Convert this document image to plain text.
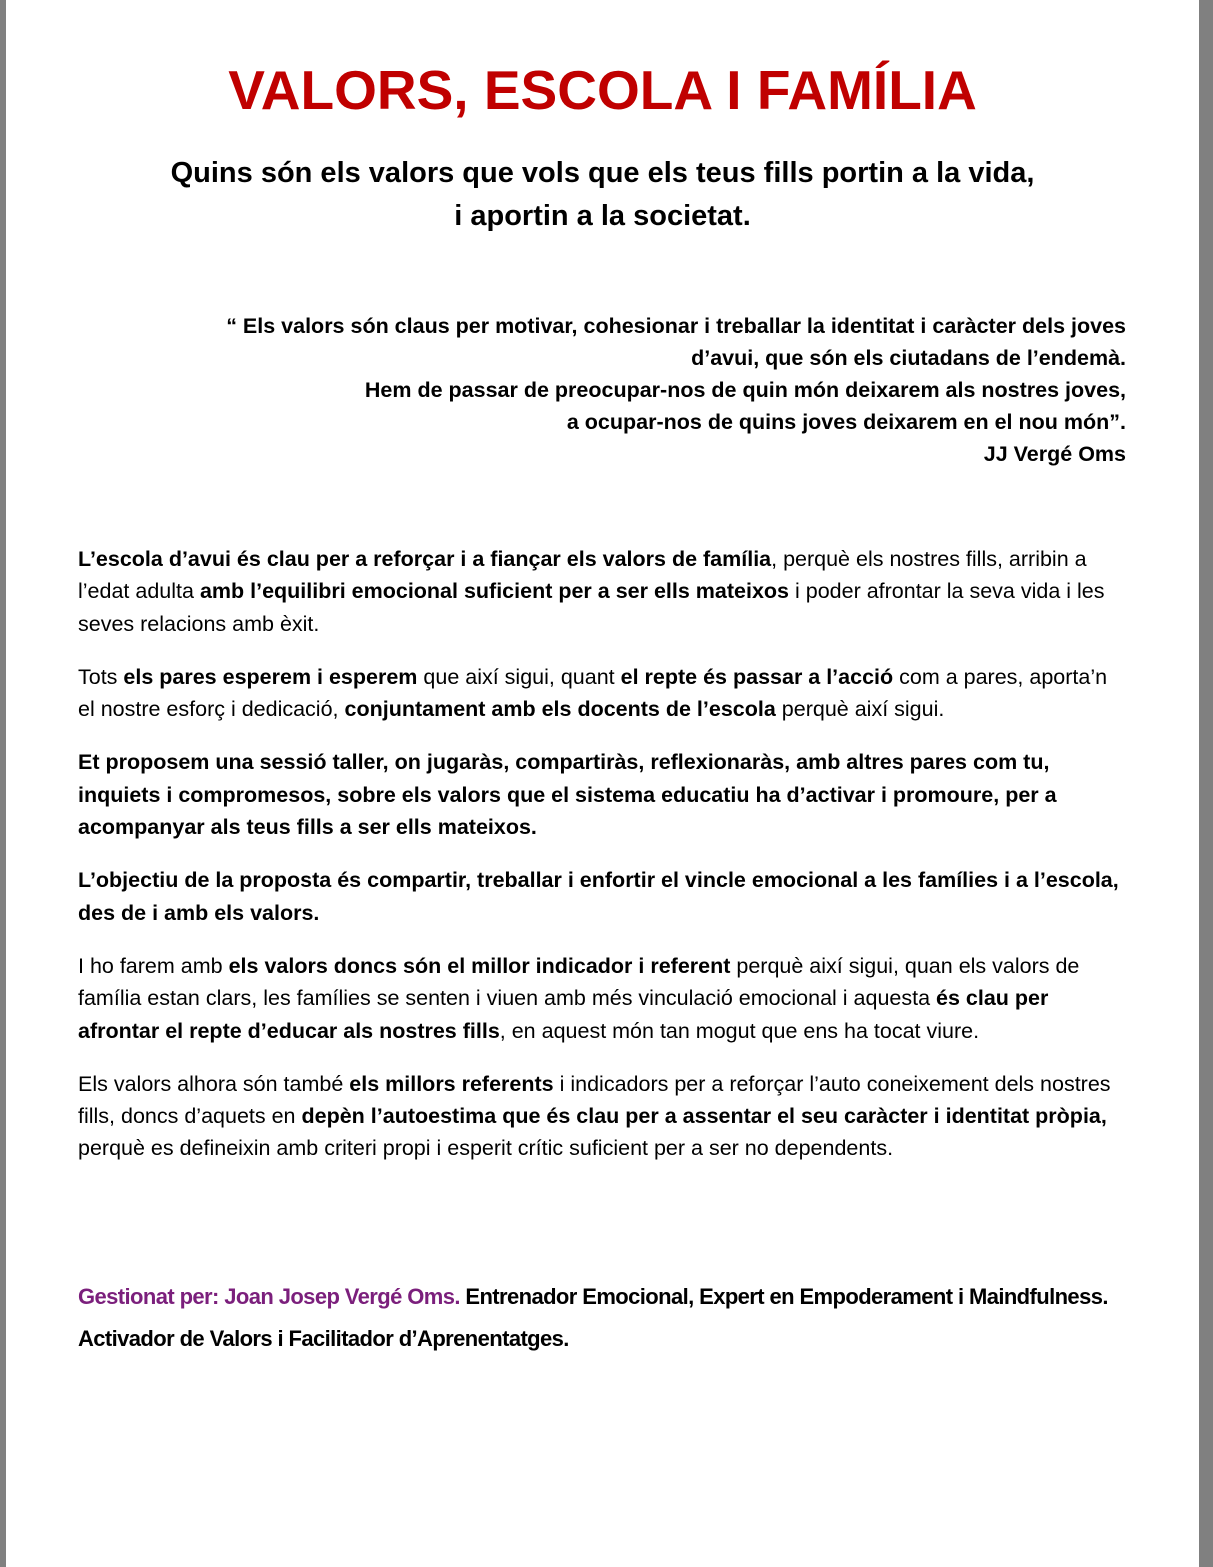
VALORS, ESCOLA I FAMÍLIA
Quins són els valors que vols que els teus fills portin a la vida,
i aportin a la societat.
“ Els valors són claus per motivar, cohesionar i treballar la identitat i caràcter dels joves
d’avui, que són els ciutadans de l’endemà.
Hem de passar de preocupar-nos de quin món deixarem als nostres joves,
a ocupar-nos de quins joves deixarem en el nou món”.
JJ Vergé Oms

L’escola d’avui és clau per a reforçar i a fiançar els valors de família, perquè els nostres fills, arribin a l’edat adulta amb l’equilibri emocional suficient per a ser ells mateixos i poder afrontar la seva vida i les seves relacions amb èxit.

Tots els pares esperem i esperem que així sigui, quant el repte és passar a l’acció com a pares, aporta’n el nostre esforç i dedicació, conjuntament amb els docents de l’escola perquè així sigui.

Et proposem una sessió taller, on jugaràs, compartiràs, reflexionaràs, amb altres pares com tu, inquiets i compromesos, sobre els valors que el sistema educatiu ha d’activar i promoure, per a acompanyar als teus fills a ser ells mateixos.

L’objectiu de la proposta és compartir, treballar i enfortir el vincle emocional a les famílies i a l’escola, des de i amb els valors.

I ho farem amb els valors doncs són el millor indicador i referent perquè així sigui, quan els valors de família estan clars, les famílies se senten i viuen amb més vinculació emocional i aquesta és clau per afrontar el repte d’educar als nostres fills, en aquest món tan mogut que ens ha tocat viure.

Els valors alhora són també els millors referents i indicadors per a reforçar l’auto coneixement dels nostres fills, doncs d’aquets en depèn l’autoestima que és clau per a assentar el seu caràcter i identitat pròpia, perquè es defineixin amb criteri propi i esperit crític suficient per a ser no dependents.

Gestionat per: Joan Josep Vergé Oms. Entrenador Emocional, Expert en Empoderament i Maindfulness. Activador de Valors i Facilitador d’Aprenentatges.
